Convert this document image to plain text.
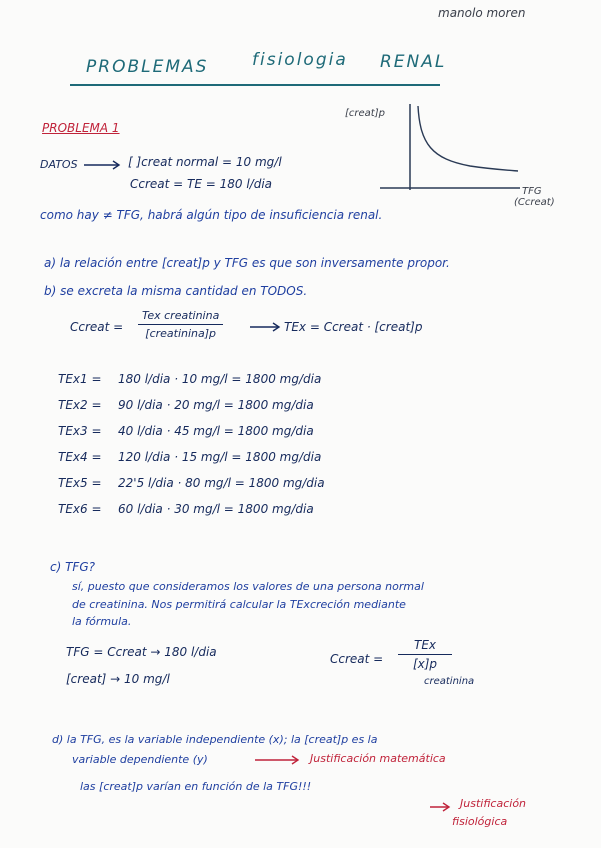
manolo moren
PROBLEMAS	fisiologia RENAL
PROBLEMA 1
DATOS	[ ]creat normal = 10 mg/l
Ccreat = TE = 180 l/dia
[creat]p
TFG
(Ccreat)
como hay ≠ TFG, habrá algún tipo de insuficiencia renal.
a) la relación entre [creat]p y TFG es que son inversamente propor.
b) se excreta la misma cantidad en TODOS.
Ccreat =
Tex creatinina
[creatinina]p	TEx = Ccreat · [creat]p
TEx1 = 180 l/dia · 10 mg/l = 1800 mg/dia
TEx2 = 90 l/dia · 20 mg/l = 1800 mg/dia
TEx3 = 40 l/dia · 45 mg/l = 1800 mg/dia
TEx4 = 120 l/dia · 15 mg/l = 1800 mg/dia
TEx5 = 22'5 l/dia · 80 mg/l = 1800 mg/dia
TEx6 = 60 l/dia · 30 mg/l = 1800 mg/dia
c) TFG?
sí, puesto que consideramos los valores de una persona normal
de creatinina. Nos permitirá calcular la TExcreción mediante
la fórmula.
TFG = Ccreat → 180 l/dia
[creat] → 10 mg/l
Ccreat =
TEx
[x]p
creatinina
d) la TFG, es la variable independiente (x); la [creat]p es la
variable dependiente (y)	Justificación matemática
las [creat]p varían en función de la TFG!!!
Justificación
fisiológica
